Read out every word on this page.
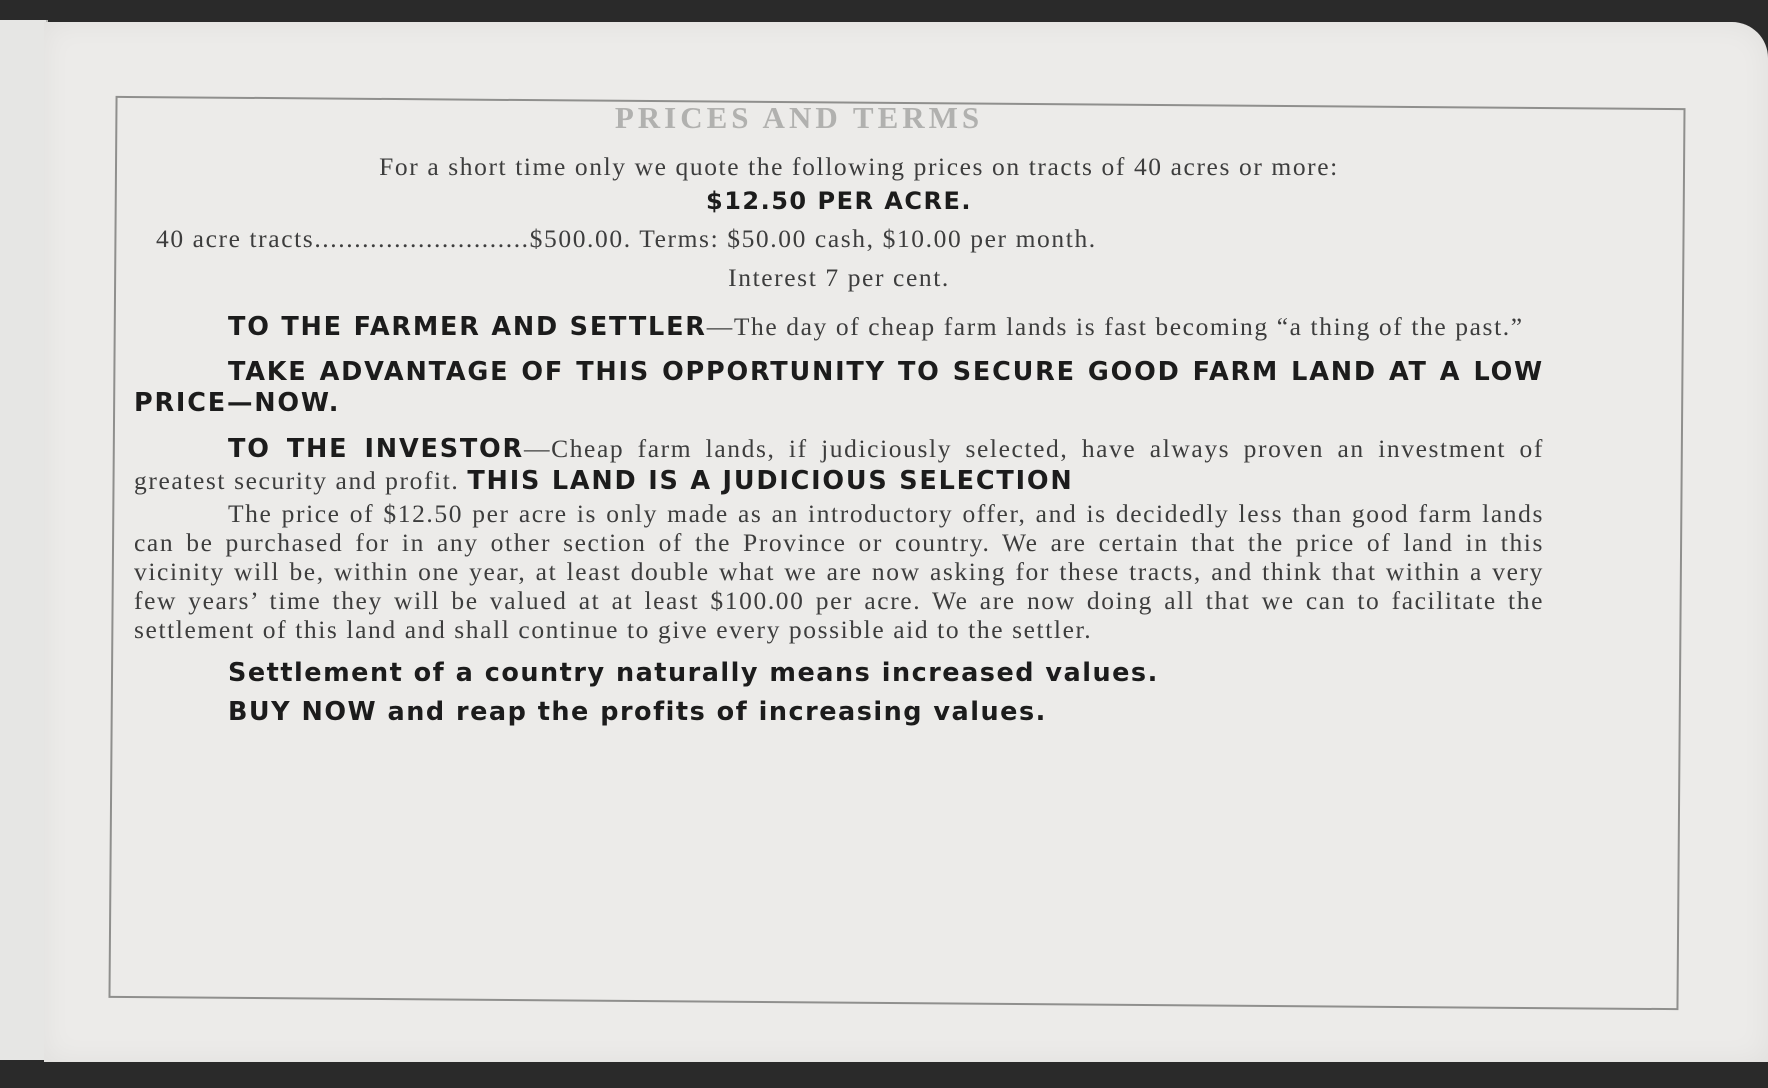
PRICES AND TERMS

For a short time only we quote the following prices on tracts of 40 acres or more:

$12.50 PER ACRE.

40 acre tracts...........................$500.00. Terms: $50.00 cash, $10.00 per month.

Interest 7 per cent.

TO THE FARMER AND SETTLER—The day of cheap farm lands is fast becoming “a thing of the past.”

TAKE ADVANTAGE OF THIS OPPORTUNITY TO SECURE GOOD FARM LAND AT A LOW PRICE—NOW.

TO THE INVESTOR—Cheap farm lands, if judiciously selected, have always proven an investment of greatest security and profit. THIS LAND IS A JUDICIOUS SELECTION

The price of $12.50 per acre is only made as an introductory offer, and is decidedly less than good farm lands can be purchased for in any other section of the Province or country. We are certain that the price of land in this vicinity will be, within one year, at least double what we are now asking for these tracts, and think that within a very few years’ time they will be valued at at least $100.00 per acre. We are now doing all that we can to facilitate the settlement of this land and shall continue to give every possible aid to the settler.

Settlement of a country naturally means increased values.

BUY NOW and reap the profits of increasing values.
